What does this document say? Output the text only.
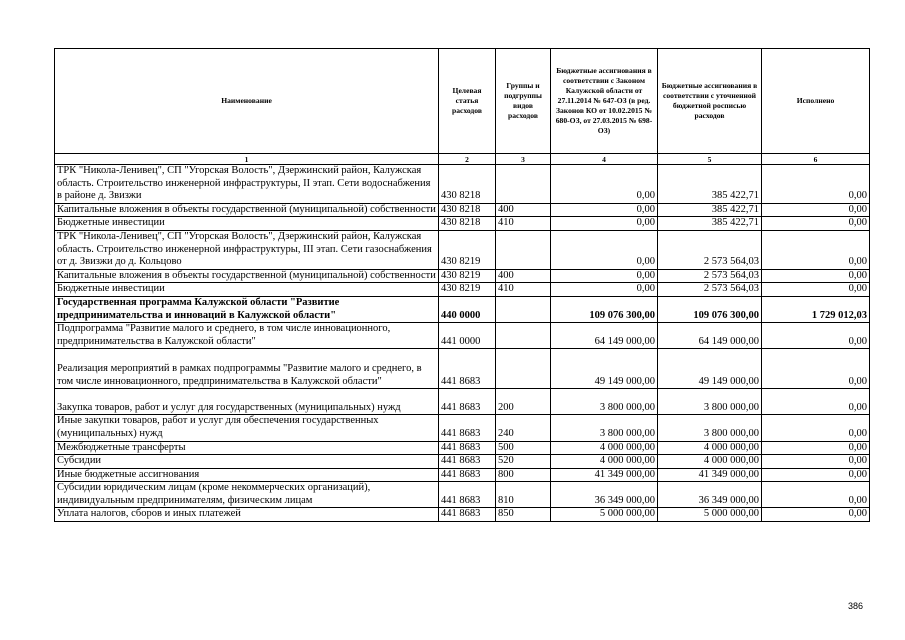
Наименование	Целевая статья расходов	Группы и подгруппы видов расходов	Бюджетные ассигнования в соответствии с Законом Калужской области от 27.11.2014 № 647-ОЗ (в ред. Законов КО от 10.02.2015 № 680-ОЗ, от 27.03.2015 № 698-ОЗ)	Бюджетные ассигнования в соответствии с уточненной бюджетной росписью расходов	Исполнено
1	2	3	4	5	6
ТРК "Никола-Ленивец", СП "Угорская Волость", Дзержинский район, Калужская область. Строительство инженерной инфраструктуры, II этап. Сети водоснабжения в районе д. Звизжи	430 8218		0,00	385 422,71	0,00
Капитальные вложения в объекты государственной (муниципальной) собственности	430 8218	400	0,00	385 422,71	0,00
Бюджетные инвестиции	430 8218	410	0,00	385 422,71	0,00
ТРК "Никола-Ленивец", СП "Угорская Волость", Дзержинский район, Калужская область. Строительство инженерной инфраструктуры, III этап. Сети газоснабжения от д. Звизжи до д. Кольцово	430 8219		0,00	2 573 564,03	0,00
Капитальные вложения в объекты государственной (муниципальной) собственности	430 8219	400	0,00	2 573 564,03	0,00
Бюджетные инвестиции	430 8219	410	0,00	2 573 564,03	0,00
Государственная программа Калужской области "Развитие предпринимательства и инноваций в Калужской области"	440 0000		109 076 300,00	109 076 300,00	1 729 012,03
Подпрограмма "Развитие малого и среднего, в том числе инновационного, предпринимательства в Калужской области"	441 0000		64 149 000,00	64 149 000,00	0,00
Реализация мероприятий в рамках подпрограммы "Развитие малого и среднего, в том числе инновационного, предпринимательства в Калужской области"	441 8683		49 149 000,00	49 149 000,00	0,00
Закупка товаров, работ и услуг для государственных (муниципальных) нужд	441 8683	200	3 800 000,00	3 800 000,00	0,00
Иные закупки товаров, работ и услуг для обеспечения государственных (муниципальных) нужд	441 8683	240	3 800 000,00	3 800 000,00	0,00
Межбюджетные трансферты	441 8683	500	4 000 000,00	4 000 000,00	0,00
Субсидии	441 8683	520	4 000 000,00	4 000 000,00	0,00
Иные бюджетные ассигнования	441 8683	800	41 349 000,00	41 349 000,00	0,00
Субсидии юридическим лицам (кроме некоммерческих организаций), индивидуальным предпринимателям, физическим лицам	441 8683	810	36 349 000,00	36 349 000,00	0,00
Уплата налогов, сборов и иных платежей	441 8683	850	5 000 000,00	5 000 000,00	0,00
386
